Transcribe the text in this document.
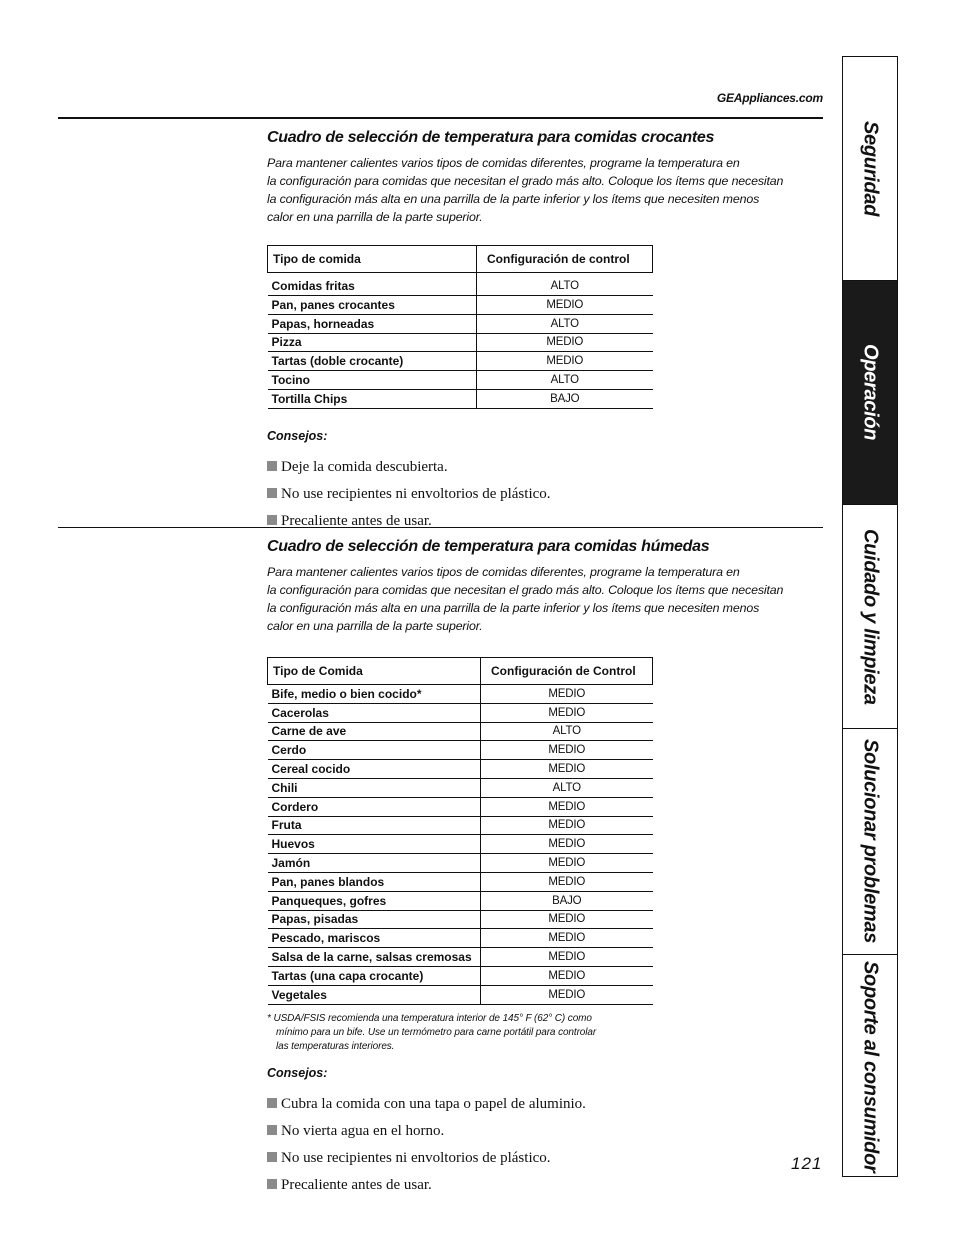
GEAppliances.com
Cuadro de selección de temperatura para comidas crocantes
Para mantener calientes varios tipos de comidas diferentes, programe la temperatura en
la configuración para comidas que necesitan el grado más alto. Coloque los ítems que necesitan
la configuración más alta en una parrilla de la parte inferior y los ítems que necesiten menos
calor en una parrilla de la parte superior.
Tipo de comida	Configuración de control
Comidas fritas	ALTO
Pan, panes crocantes	MEDIO
Papas, horneadas	ALTO
Pizza	MEDIO
Tartas (doble crocante)	MEDIO
Tocino	ALTO
Tortilla Chips	BAJO
Consejos:
Deje la comida descubierta.
No use recipientes ni envoltorios de plástico.
Precaliente antes de usar.
Cuadro de selección de temperatura para comidas húmedas
Para mantener calientes varios tipos de comidas diferentes, programe la temperatura en
la configuración para comidas que necesitan el grado más alto. Coloque los ítems que necesitan
la configuración más alta en una parrilla de la parte inferior y los ítems que necesiten menos
calor en una parrilla de la parte superior.
Tipo de Comida	Configuración de Control
Bife, medio o bien cocido*	MEDIO
Cacerolas	MEDIO
Carne de ave	ALTO
Cerdo	MEDIO
Cereal cocido	MEDIO
Chili	ALTO
Cordero	MEDIO
Fruta	MEDIO
Huevos	MEDIO
Jamón	MEDIO
Pan, panes blandos	MEDIO
Panqueques, gofres	BAJO
Papas, pisadas	MEDIO
Pescado, mariscos	MEDIO
Salsa de la carne, salsas cremosas	MEDIO
Tartas (una capa crocante)	MEDIO
Vegetales	MEDIO
* USDA/FSIS recomienda una temperatura interior de 145° F (62° C) como
mínimo para un bife. Use un termómetro para carne portátil para controlar
las temperaturas interiores.
Consejos:
Cubra la comida con una tapa o papel de aluminio.
No vierta agua en el horno.
No use recipientes ni envoltorios de plástico.
Precaliente antes de usar.
121
Seguridad
Operación
Cuidado y limpieza
Solucionar problemas
Soporte al consumidor
